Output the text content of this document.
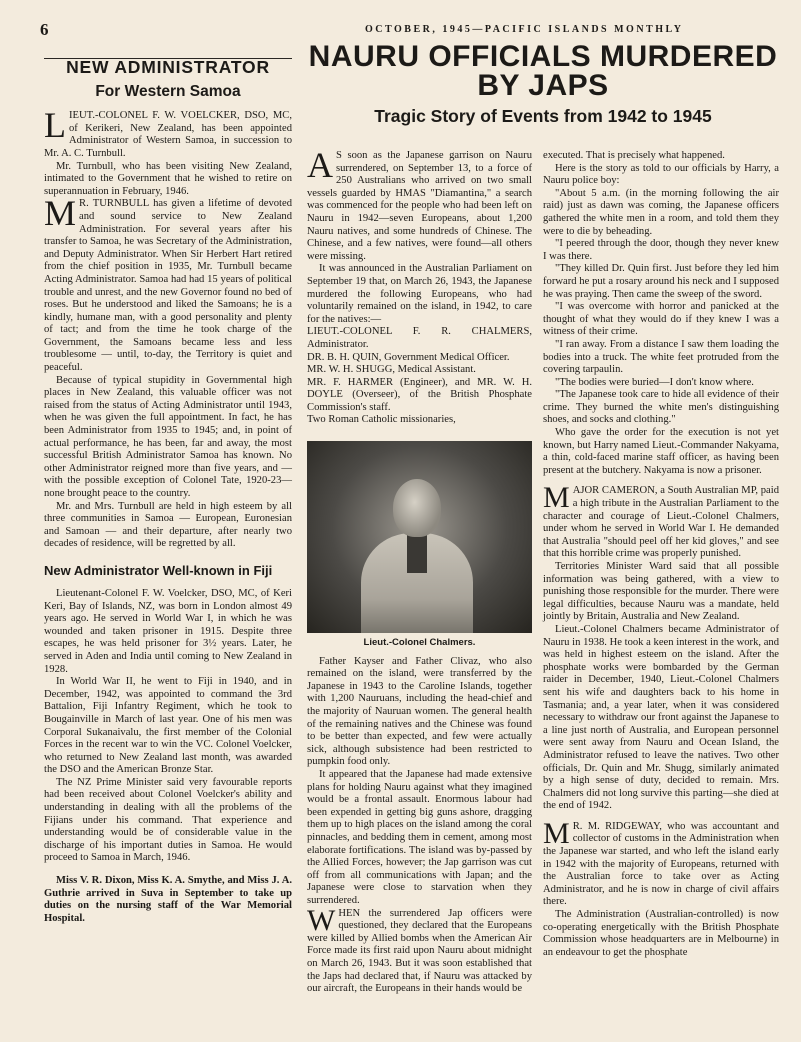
6	OCTOBER, 1945—PACIFIC ISLANDS MONTHLY
NEW ADMINISTRATOR
For Western Samoa

LIEUT.-COLONEL F. W. VOELCKER, DSO, MC, of Kerikeri, New Zealand, has been appointed Administrator of Western Samoa, in succession to Mr. A. C. Turnbull.

Mr. Turnbull, who has been visiting New Zealand, intimated to the Government that he wished to retire on superannuation in February, 1946.

M R. TURNBULL has given a lifetime of devoted and sound service to New Zealand Administration. For several years after his transfer to Samoa, he was Secretary of the Administration, and Deputy Administrator. When Sir Herbert Hart retired from the chief position in 1935, Mr. Turnbull became Acting Administrator. Samoa had had 15 years of political trouble and unrest, and the new Governor found no bed of roses. But he understood and liked the Samoans; he is a kindly, humane man, with a good personality and plenty of tact; and from the time he took charge of the Government, the Samoans became less and less troublesome — until, to-day, the Territory is quiet and peaceful.

Because of typical stupidity in Governmental high places in New Zealand, this valuable officer was not raised from the status of Acting Administrator until 1943, when he was given the full appointment. In fact, he has been Administrator from 1935 to 1945; and, in point of actual performance, he has been, far and away, the most successful British Administrator Samoa has known. No other Administrator reigned more than five years, and —with the possible exception of Colonel Tate, 1920-23—none brought peace to the country.

Mr. and Mrs. Turnbull are held in high esteem by all three communities in Samoa — European, Euronesian and Samoan — and their departure, after nearly two decades of residence, will be regretted by all.

New Administrator Well-known in Fiji

Lieutenant-Colonel F. W. Voelcker, DSO, MC, of Keri Keri, Bay of Islands, NZ, was born in London almost 49 years ago. He served in World War I, in which he was wounded and taken prisoner in 1915. Despite three escapes, he was held prisoner for 3½ years. Later, he served in Aden and India until coming to New Zealand in 1928.

In World War II, he went to Fiji in 1940, and in December, 1942, was appointed to command the 3rd Battalion, Fiji Infantry Regiment, which he took to Bougainville in March of last year. One of his men was Corporal Sukanaivalu, the first member of the Colonial Forces in the recent war to win the VC. Colonel Voelcker, who returned to New Zealand last month, was awarded the DSO and the American Bronze Star.

The NZ Prime Minister said very favourable reports had been received about Colonel Voelcker's ability and understanding in dealing with all the problems of the Fijians under his command. That experience and understanding would be of considerable value in the discharge of his important duties in Samoa. He would proceed to Samoa in March, 1946.

Miss V. R. Dixon, Miss K. A. Smythe, and Miss J. A. Guthrie arrived in Suva in September to take up duties on the nursing staff of the War Memorial Hospital.

NAURU OFFICIALS MURDERED
BY JAPS
Tragic Story of Events from 1942 to 1945

A S soon as the Japanese garrison on Nauru surrendered, on September 13, to a force of 250 Australians who arrived on two small vessels guarded by HMAS "Diamantina," a search was commenced for the people who had been left on Nauru in 1942—seven Europeans, about 1,200 Nauru natives, and some hundreds of Chinese. The Chinese, and a few natives, were found—all others were missing.

It was announced in the Australian Parliament on September 19 that, on March 26, 1943, the Japanese murdered the following Europeans, who had voluntarily remained on the island, in 1942, to care for the natives:—

LIEUT.-COLONEL F. R. CHALMERS, Administrator.

DR. B. H. QUIN, Government Medical Officer.

MR. W. H. SHUGG, Medical Assistant.

MR. F. HARMER (Engineer), and MR. W. H. DOYLE (Overseer), of the British Phosphate Commission's staff.

Two Roman Catholic missionaries,

Lieut.-Colonel Chalmers.

Father Kayser and Father Clivaz, who also remained on the island, were transferred by the Japanese in 1943 to the Caroline Islands, together with 1,200 Nauruans, including the head-chief and the majority of Nauruan women. The general health of the remaining natives and the Chinese was found to be better than expected, and few were actually sick, although subsistence had been restricted to pumpkin food only.

It appeared that the Japanese had made extensive plans for holding Nauru against what they imagined would be a frontal assault. Enormous labour had been expended in getting big guns ashore, dragging them up to high places on the island among the coral pinnacles, and bedding them in cement, among most elaborate fortifications. The island was by-passed by the Allied Forces, however; the Jap garrison was cut off from all communications with Japan; and the Japanese were close to starvation when they surrendered.

WHEN the surrendered Jap officers were questioned, they declared that the Europeans were killed by Allied bombs when the American Air Force made its first raid upon Nauru about midnight on March 26, 1943. But it was soon established that the Japs had declared that, if Nauru was attacked by our aircraft, the Europeans in their hands would be

executed. That is precisely what happened.

Here is the story as told to our officials by Harry, a Nauru police boy:

"About 5 a.m. (in the morning following the air raid) just as dawn was coming, the Japanese officers gathered the white men in a room, and told them they were to die by beheading.

"I peered through the door, though they never knew I was there.

"They killed Dr. Quin first. Just before they led him forward he put a rosary around his neck and I supposed he was praying. Then came the sweep of the sword.

"I was overcome with horror and panicked at the thought of what they would do if they knew I was a witness of their crime.

"I ran away. From a distance I saw them loading the bodies into a truck. The white feet protruded from the covering tarpaulin.

"The bodies were buried—I don't know where.

"The Japanese took care to hide all evidence of their crime. They burned the white men's distinguishing shoes, and socks and clothing."

Who gave the order for the execution is not yet known, but Harry named Lieut.-Commander Nakyama, a thin, cold-faced marine staff officer, as having been present at the butchery. Nakyama is now a prisoner.

MAJOR CAMERON, a South Australian MP, paid a high tribute in the Australian Parliament to the character and courage of Lieut.-Colonel Chalmers, under whom he served in World War I. He demanded that Australia "should peel off her kid gloves," and see that this horrible crime was properly punished.

Territories Minister Ward said that all possible information was being gathered, with a view to punishing those responsible for the murder. There were legal difficulties, because Nauru was a mandate, held jointly by Britain, Australia and New Zealand.

Lieut.-Colonel Chalmers became Administrator of Nauru in 1938. He took a keen interest in the work, and was held in highest esteem on the island. After the phosphate works were bombarded by the German raider in December, 1940, Lieut.-Colonel Chalmers sent his wife and daughters back to his home in Tasmania; and, a year later, when it was considered necessary to withdraw our front against the Japanese to a line just north of Australia, and European personnel were sent away from Nauru and Ocean Island, the Administrator refused to leave the natives. Two other officials, Dr. Quin and Mr. Shugg, similarly animated by a high sense of duty, decided to remain. Mrs. Chalmers did not long survive this parting—she died at the end of 1942.

M R. M. RIDGEWAY, who was accountant and collector of customs in the Administration when the Japanese war started, and who left the island early in 1942 with the majority of Europeans, returned with the Australian force to take over as Acting Administrator, and he is now in charge of civil affairs there.

The Administration (Australian-controlled) is now co-operating energetically with the British Phosphate Commission whose headquarters are in Melbourne) in an endeavour to get the phosphate
